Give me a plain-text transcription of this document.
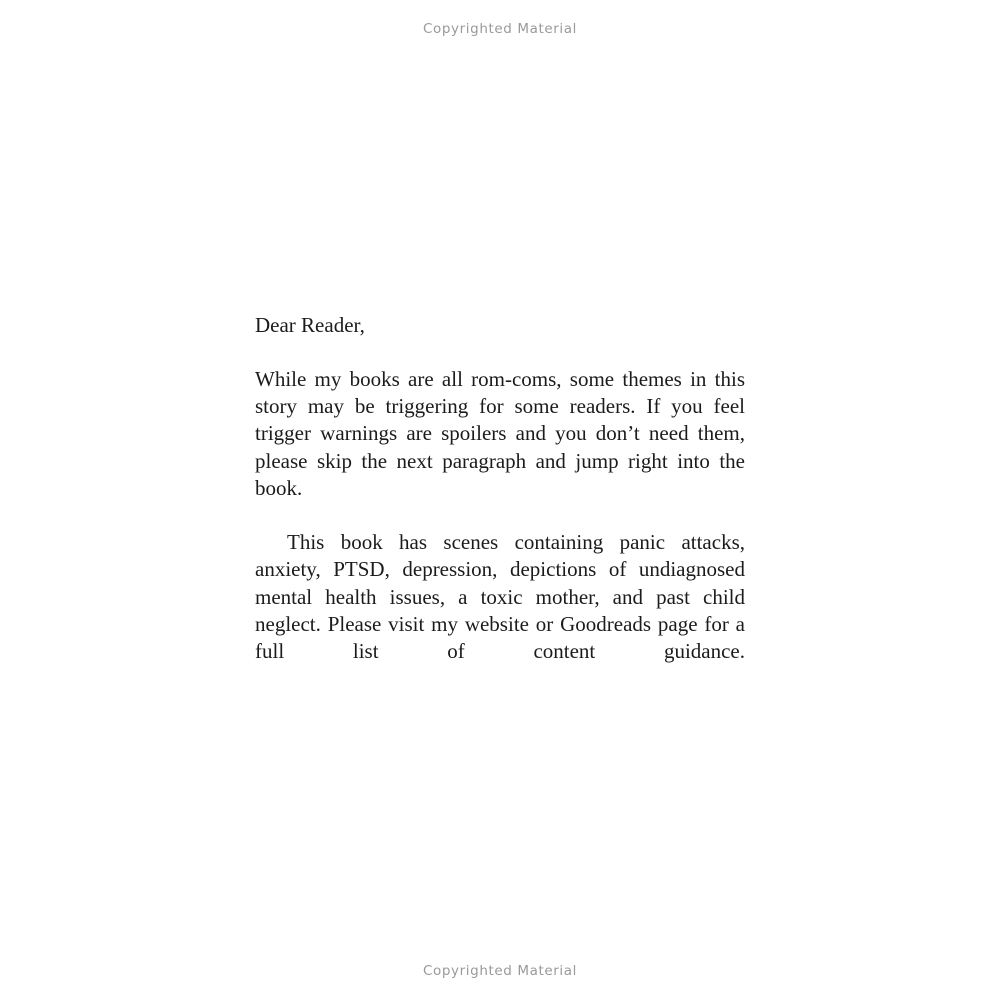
Copyrighted Material

Dear Reader,

While my books are all rom-coms, some themes in this story may be triggering for some readers. If you feel trigger warnings are spoilers and you don’t need them, please skip the next paragraph and jump right into the book.

This book has scenes containing panic attacks, anxiety, PTSD, depression, depictions of undiagnosed mental health issues, a toxic mother, and past child neglect. Please visit my website or Goodreads page for a full list of content guidance.

Copyrighted Material
